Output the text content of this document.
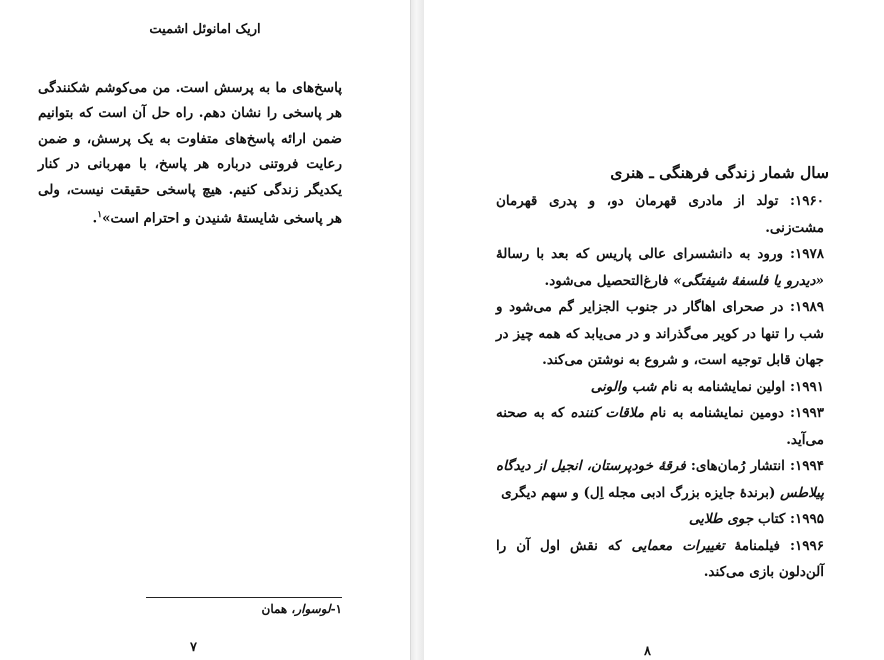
اریک امانوئل اشمیت

پاسخ‌های ما به پرسش است. من می‌کوشم شکنندگی هر پاسخی را نشان دهم. راه حل آن است که بتوانیم ضمن ارائه پاسخ‌های متفاوت به یک پرسش، و ضمن رعایت فروتنی درباره هر پاسخ، با مهربانی در کنار یکدیگر زندگی کنیم. هیچ پاسخی حقیقت نیست، ولی هر پاسخی شایستهٔ شنیدن و احترام است»$^١$.

١-لوسوار، همان
٧
سال شمار زندگی فرهنگی ـ هنری

١٩۶٠: تولد از مادری قهرمان دو، و پدری قهرمان مشت‌زنی.

١٩٧٨: ورود به دانشسرای عالی پاریس که بعد با رسالهٔ «دیدرو یا فلسفهٔ شیفتگی» فارغ‌التحصیل می‌شود.

١٩٨٩: در صحرای اهاگار در جنوب الجزایر گم می‌شود و شب را تنها در کویر می‌گذراند و در می‌یابد که همه چیز در جهان قابل توجیه است، و شروع به نوشتن می‌کند.

١٩٩١: اولین نمایشنامه به نام شب والونی

١٩٩٣: دومین نمایشنامه به نام ملاقات کننده که به صحنه می‌آید.

١٩٩۴: انتشار رُمان‌های: فرقهٔ خودپرستان، انجیل از دیدگاه پیلاطس (برندهٔ جایزه بزرگ ادبی مجله اِل) و سهم دیگری

١٩٩۵: کتاب جوی طلایی

١٩٩۶: فیلمنامهٔ تغییرات معمایی که نقش اول آن را آلن‌دلون بازی می‌کند.

٨
